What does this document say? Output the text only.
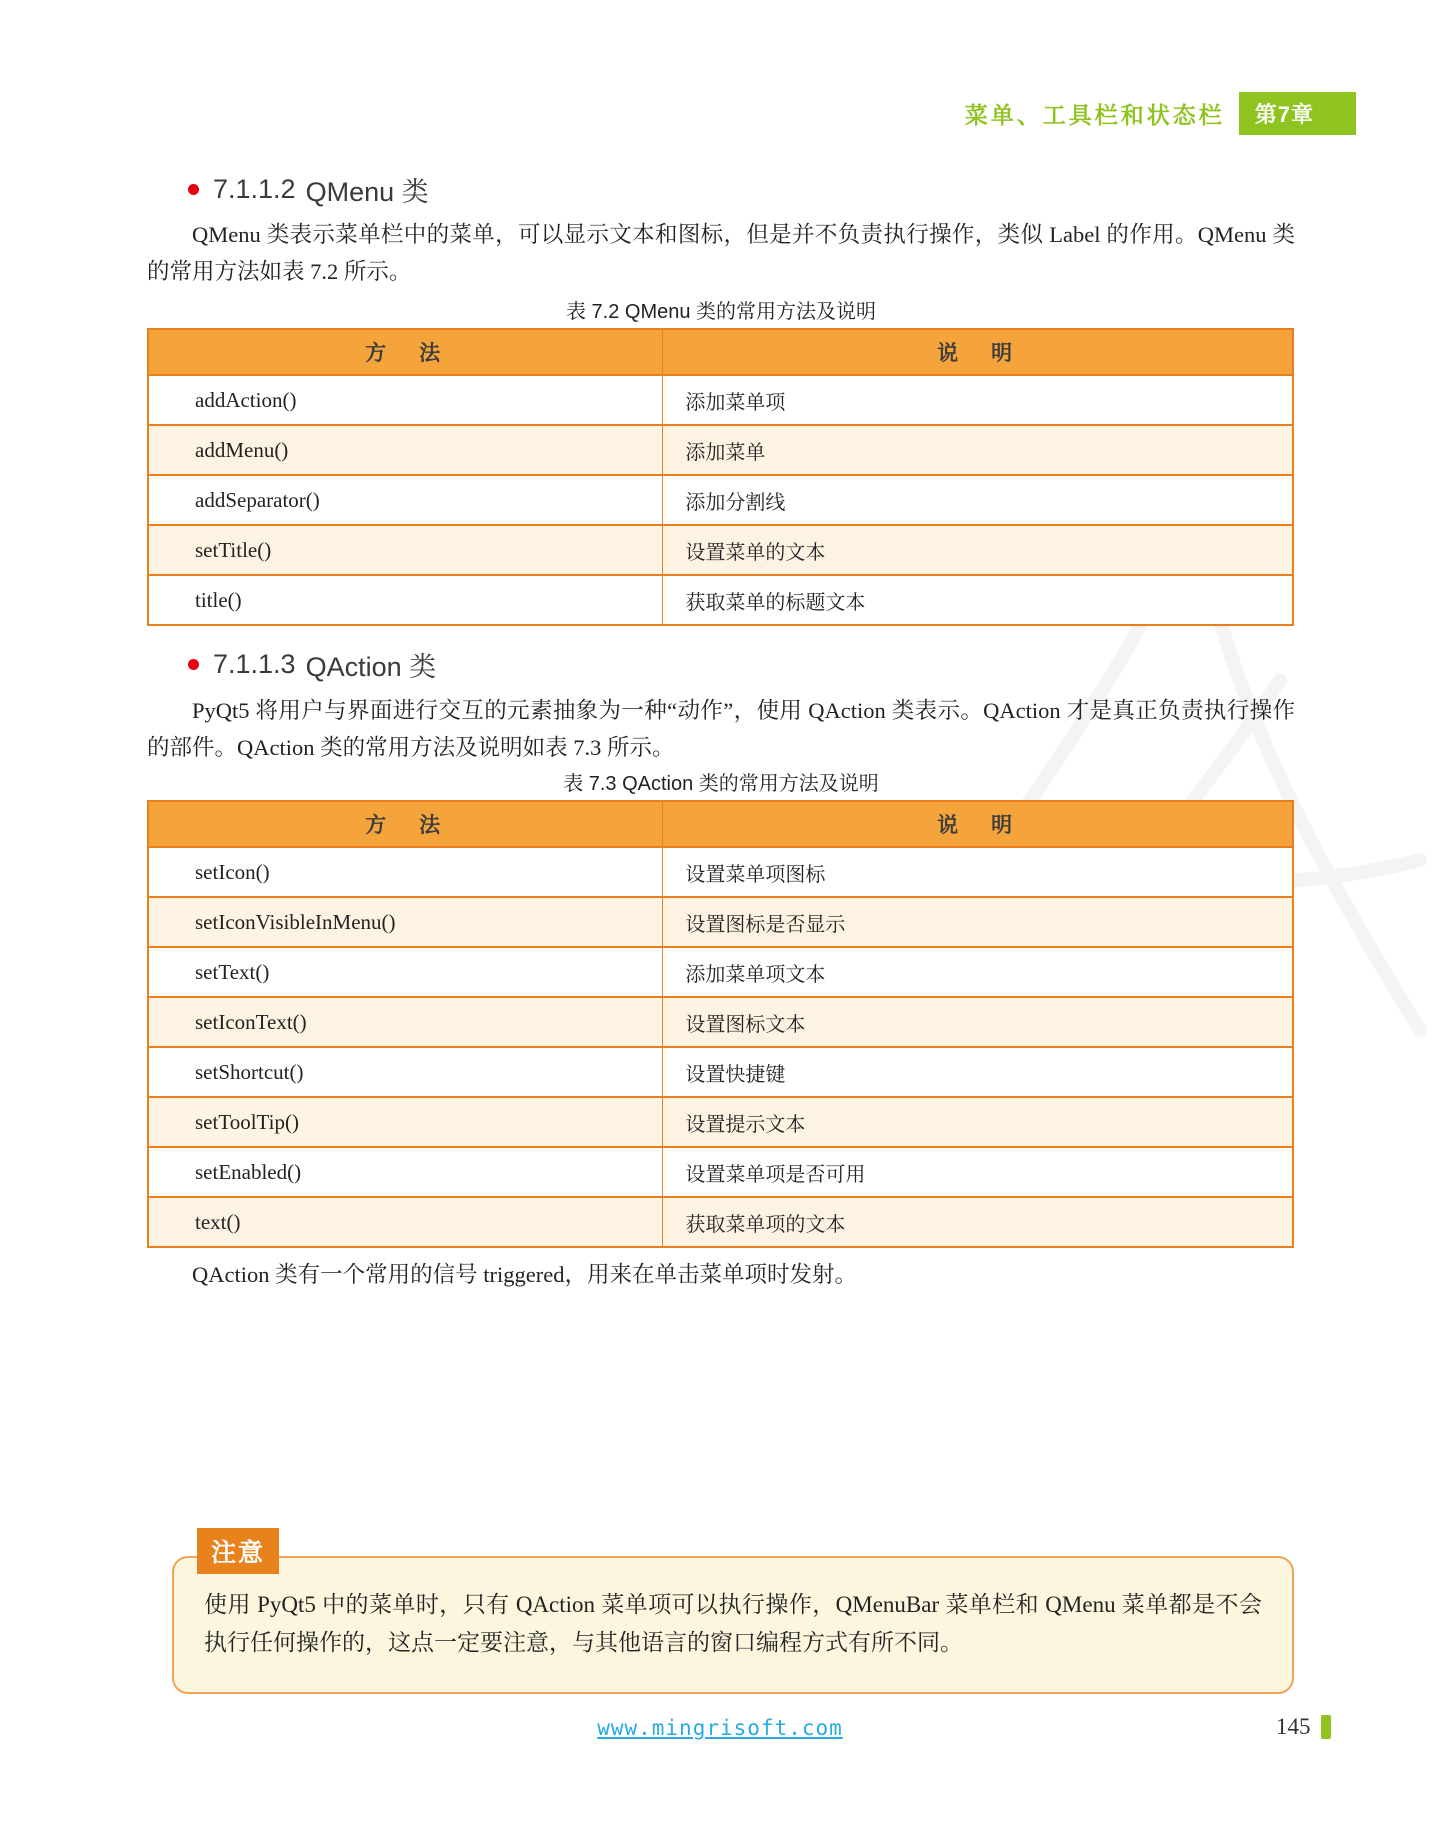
菜单、工具栏和状态栏	第7章
7.1.1.2 QMenu 类
QMenu 类表示菜单栏中的菜单，可以显示文本和图标，但是并不负责执行操作，类似 Label 的作用。QMenu 类的常用方法如表 7.2 所示。
表 7.2 QMenu 类的常用方法及说明
方　法	说　明
addAction()	添加菜单项
addMenu()	添加菜单
addSeparator()	添加分割线
setTitle()	设置菜单的文本
title()	获取菜单的标题文本
7.1.1.3 QAction 类
PyQt5 将用户与界面进行交互的元素抽象为一种“动作”，使用 QAction 类表示。QAction 才是真正负责执行操作的部件。QAction 类的常用方法及说明如表 7.3 所示。
表 7.3 QAction 类的常用方法及说明
方　法	说　明
setIcon()	设置菜单项图标
setIconVisibleInMenu()	设置图标是否显示
setText()	添加菜单项文本
setIconText()	设置图标文本
setShortcut()	设置快捷键
setToolTip()	设置提示文本
setEnabled()	设置菜单项是否可用
text()	获取菜单项的文本
QAction 类有一个常用的信号 triggered，用来在单击菜单项时发射。
注意
使用 PyQt5 中的菜单时，只有 QAction 菜单项可以执行操作，QMenuBar 菜单栏和 QMenu 菜单都是不会执行任何操作的，这点一定要注意，与其他语言的窗口编程方式有所不同。
www.mingrisoft.com	145
